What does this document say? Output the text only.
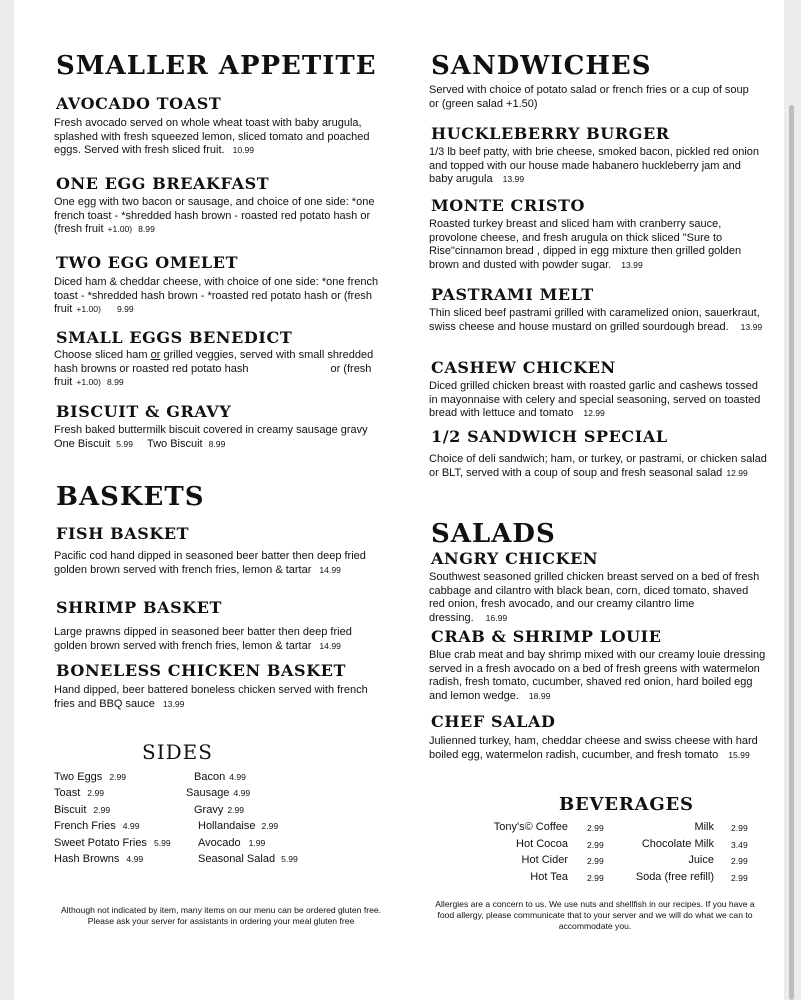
SMALLER APPETITE
AVOCADO TOAST
Fresh avocado served on whole wheat toast with baby arugula, splashed with fresh squeezed lemon, sliced tomato and poached eggs. Served with fresh sliced fruit. 10.99
ONE EGG BREAKFAST
One egg with two bacon or sausage, and choice of one side: *one french toast - *shredded hash brown - roasted red potato hash or (fresh fruit +1.00) 8.99
TWO EGG OMELET
Diced ham & cheddar cheese, with choice of one side: *one french toast - *shredded hash brown - *roasted red potato hash or (fresh fruit +1.00) 9.99
SMALL EGGS BENEDICT
Choose sliced ham or grilled veggies, served with small shredded hash browns or roasted red potato hash	or (fresh fruit +1.00) 8.99
BISCUIT & GRAVY
Fresh baked buttermilk biscuit covered in creamy sausage gravy
One Biscuit 5.99 Two Biscuit 8.99
BASKETS
FISH BASKET
Pacific cod hand dipped in seasoned beer batter then deep fried golden brown served with french fries, lemon & tartar 14.99
SHRIMP BASKET
Large prawns dipped in seasoned beer batter then deep fried golden brown served with french fries, lemon & tartar 14.99
BONELESS CHICKEN BASKET
Hand dipped, beer battered boneless chicken served with french fries and BBQ sauce 13.99
SIDES
Two Eggs 2.99
Toast 2.99
Biscuit 2.99
French Fries 4.99
Sweet Potato Fries 5.99
Hash Browns 4.99
Bacon 4.99
Sausage 4.99
Gravy 2.99
Hollandaise 2.99
Avocado 1.99
Seasonal Salad 5.99
Although not indicated by item, many items on our menu can be ordered gluten free. Please ask your server for assistants in ordering your meal gluten free
SANDWICHES
Served with choice of potato salad or french fries or a cup of soup or (green salad +1.50)
HUCKLEBERRY BURGER
1/3 lb beef patty, with brie cheese, smoked bacon, pickled red onion and topped with our house made habanero huckleberry jam and baby arugula 13.99
MONTE CRISTO
Roasted turkey breast and sliced ham with cranberry sauce, provolone cheese, and fresh arugula on thick sliced "Sure to Rise"cinnamon bread , dipped in egg mixture then grilled golden brown and dusted with powder sugar. 13.99
PASTRAMI MELT
Thin sliced beef pastrami grilled with caramelized onion, sauerkraut, swiss cheese and house mustard on grilled sourdough bread. 13.99
CASHEW CHICKEN
Diced grilled chicken breast with roasted garlic and cashews tossed in mayonnaise with celery and special seasoning, served on toasted bread with lettuce and tomato 12.99
1/2 SANDWICH SPECIAL
Choice of deli sandwich; ham, or turkey, or pastrami, or chicken salad or BLT, served with a coup of soup and fresh seasonal salad 12.99
SALADS
ANGRY CHICKEN
Southwest seasoned grilled chicken breast served on a bed of fresh cabbage and cilantro with black bean, corn, diced tomato, shaved red onion, fresh avocado, and our creamy cilantro lime dressing. 16.99
CRAB & SHRIMP LOUIE
Blue crab meat and bay shrimp mixed with our creamy louie dressing served in a fresh avocado on a bed of fresh greens with watermelon radish, fresh tomato, cucumber, shaved red onion, hard boiled egg and lemon wedge. 18.99
CHEF SALAD
Julienned turkey, ham, cheddar cheese and swiss cheese with hard boiled egg, watermelon radish, cucumber, and fresh tomato 15.99
BEVERAGES
Tony's© Coffee
Hot Cocoa
Hot Cider
Hot Tea
2.99
2.99
2.99
2.99
Milk
Chocolate Milk
Juice
Soda (free refill)
2.99
3.49
2.99
2.99
Allergies are a concern to us. We use nuts and shellfish in our recipes. If you have a food allergy, please communicate that to your server and we will do what we can to accommodate you.
